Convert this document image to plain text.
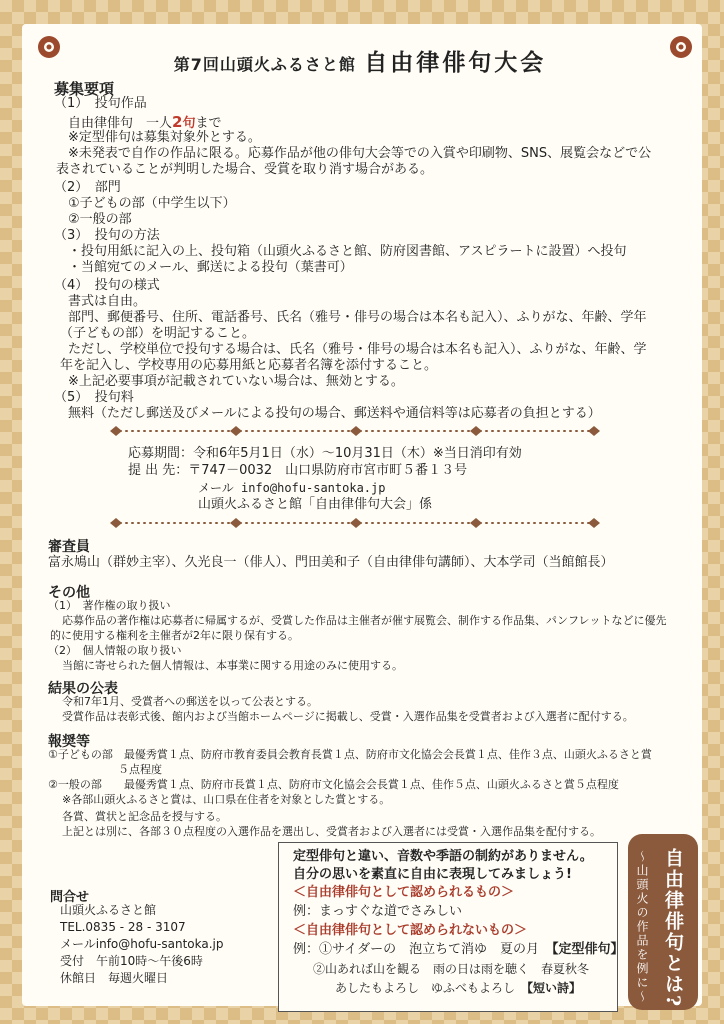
第7回山頭火ふるさと館 自由律俳句大会
募集要項
（1）　投句作品
自由律俳句　一人2句まで
※定型俳句は募集対象外とする。
※未発表で自作の作品に限る。応募作品が他の俳句大会等での入賞や印刷物、SNS、展覧会などで公
表されていることが判明した場合、受賞を取り消す場合がある。
（2）　部門
①子どもの部（中学生以下）
②一般の部
（3）　投句の方法
・投句用紙に記入の上、投句箱（山頭火ふるさと館、防府図書館、アスピラートに設置）へ投句
・当館宛てのメール、郵送による投句（葉書可）
（4）　投句の様式
書式は自由。
部門、郵便番号、住所、電話番号、氏名（雅号・俳号の場合は本名も記入）、ふりがな、年齢、学年
（子どもの部）を明記すること。
ただし、学校単位で投句する場合は、氏名（雅号・俳号の場合は本名も記入）、ふりがな、年齢、学
年を記入し、学校専用の応募用紙と応募者名簿を添付すること。
※上記必要事項が記載されていない場合は、無効とする。
（5）　投句料
無料（ただし郵送及びメールによる投句の場合、郵送料や通信料等は応募者の負担とする）
応募期間：令和6年5月1日（水）～10月31日（木）※当日消印有効
提 出 先：〒747－0032　山口県防府市宮市町５番１３号
メール info@hofu-santoka.jp
山頭火ふるさと館「自由律俳句大会」係
審査員
富永鳩山（群妙主宰）、久光良一（俳人）、門田美和子（自由律俳句講師）、大本学司（当館館長）
その他
（1）　著作権の取り扱い
応募作品の著作権は応募者に帰属するが、受賞した作品は主催者が催す展覧会、制作する作品集、パンフレットなどに優先
的に使用する権利を主催者が2年に限り保有する。
（2）　個人情報の取り扱い
当館に寄せられた個人情報は、本事業に関する用途のみに使用する。
結果の公表
令和7年1月、受賞者への郵送を以って公表とする。
受賞作品は表彰式後、館内および当館ホームページに掲載し、受賞・入選作品集を受賞者および入選者に配付する。
報奨等
①子どもの部　最優秀賞１点、防府市教育委員会教育長賞１点、防府市文化協会会長賞１点、佳作３点、山頭火ふるさと賞
５点程度
②一般の部　　最優秀賞１点、防府市長賞１点、防府市文化協会会長賞１点、佳作５点、山頭火ふるさと賞５点程度
※各部山頭火ふるさと賞は、山口県在住者を対象とした賞とする。
各賞、賞状と記念品を授与する。
上記とは別に、各部３０点程度の入選作品を選出し、受賞者および入選者には受賞・入選作品集を配付する。
問合せ
山頭火ふるさと館
TEL.0835 - 28 - 3107
メールinfo@hofu-santoka.jp
受付　午前10時～午後6時
休館日　毎週火曜日
定型俳句と違い、音数や季語の制約がありません。
自分の思いを素直に自由に表現してみましょう!
＜自由律俳句として認められるもの＞
例：まっすぐな道でさみしい
＜自由律俳句として認められないもの＞
例：①サイダーの　泡立ちて消ゆ　夏の月　 【定型俳句】
②山あれば山を観る　雨の日は雨を聴く　春夏秋冬
あしたもよろし　ゆふべもよろし　 【短い詩】	自由律俳句とは?
～山頭火の作品を例に～
